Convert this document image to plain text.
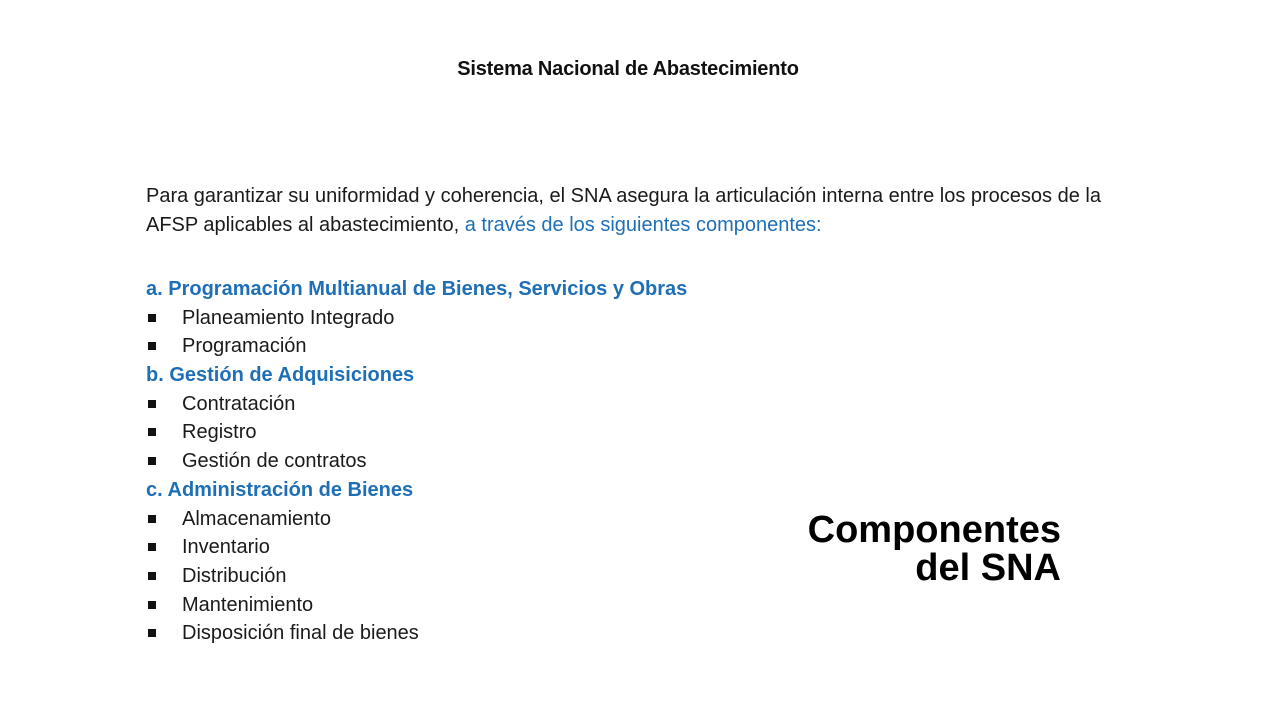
Sistema Nacional de Abastecimiento

Para garantizar su uniformidad y coherencia, el SNA asegura la articulación interna entre los procesos de la AFSP aplicables al abastecimiento, a través de los siguientes componentes:

a. Programación Multianual de Bienes, Servicios y Obras
Planeamiento Integrado
Programación
b. Gestión de Adquisiciones
Contratación
Registro
Gestión de contratos
c. Administración de Bienes
Almacenamiento
Inventario
Distribución
Mantenimiento
Disposición final de bienes
Componentes
del SNA
